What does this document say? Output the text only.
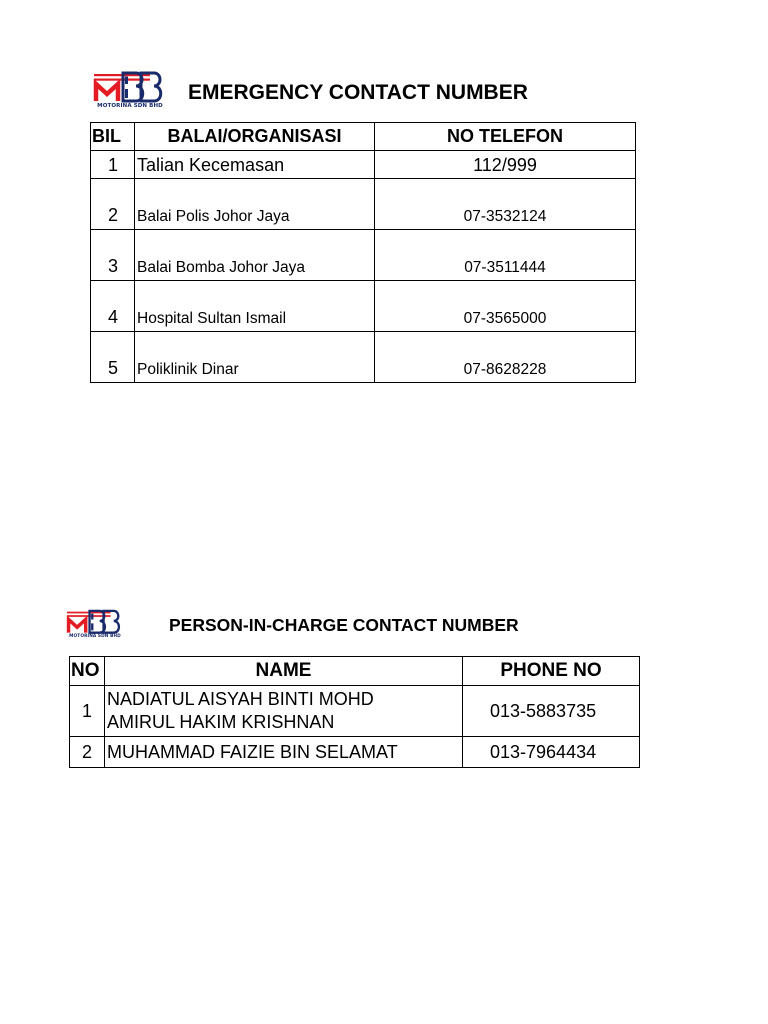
MOTORINA SDN BHD
EMERGENCY CONTACT NUMBER
BIL	BALAI/ORGANISASI	NO TELEFON
1	Talian Kecemasan	112/999
2	Balai Polis Johor Jaya	07-3532124
3	Balai Bomba Johor Jaya	07-3511444
4	Hospital Sultan Ismail	07-3565000
5	Poliklinik Dinar	07-8628228
MOTORINA SDN BHD
PERSON-IN-CHARGE CONTACT NUMBER
NO	NAME	PHONE NO
1	NADIATUL AISYAH BINTI MOHD
AMIRUL HAKIM KRISHNAN	013-5883735
2	MUHAMMAD FAIZIE BIN SELAMAT	013-7964434
